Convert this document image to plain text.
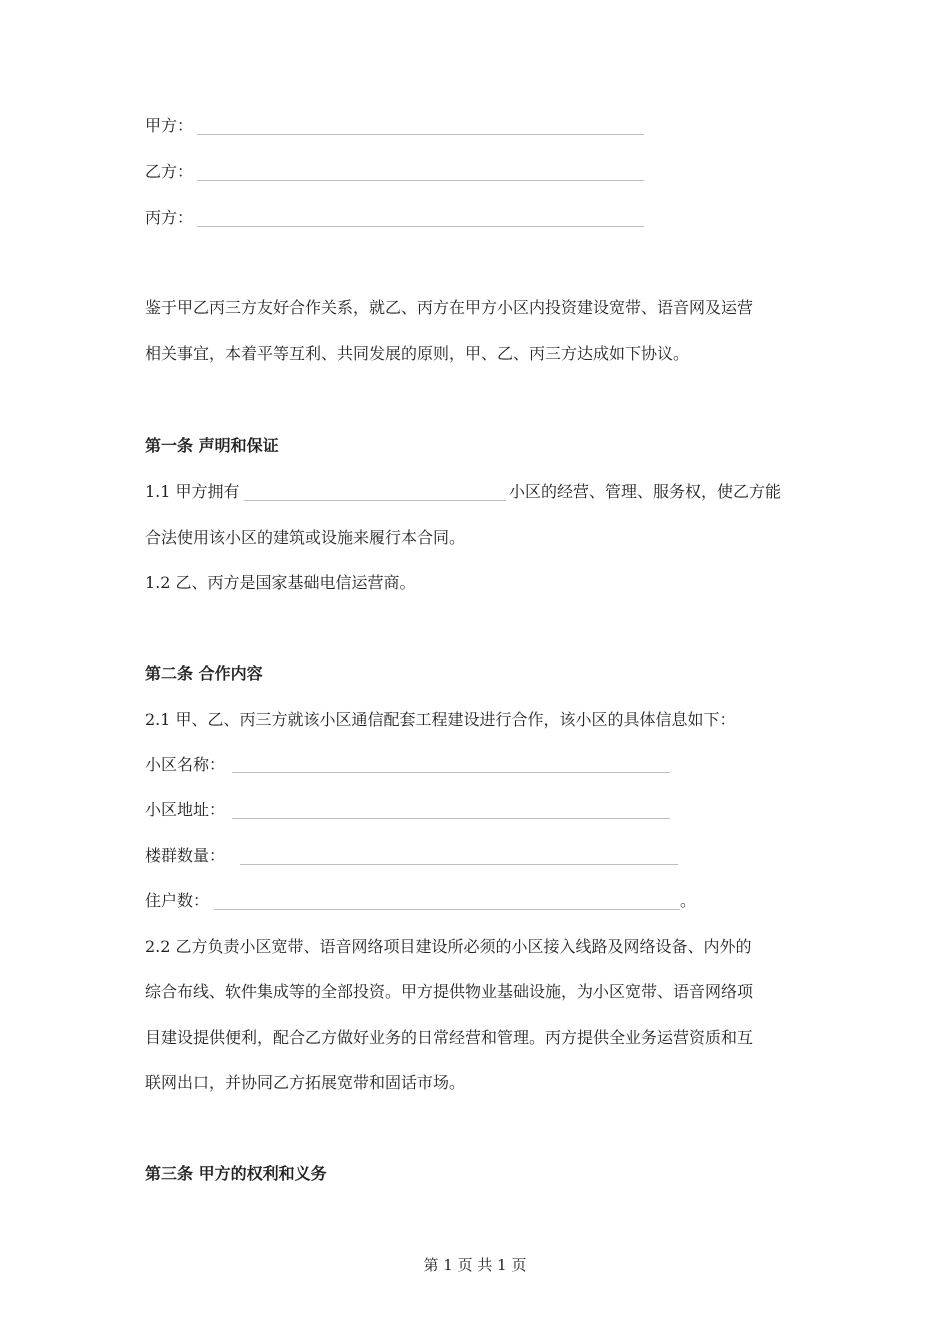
甲方：
乙方：
丙方：
鉴于甲乙丙三方友好合作关系，就乙、丙方在甲方小区内投资建设宽带、语音网及运营
相关事宜，本着平等互利、共同发展的原则，甲、乙、丙三方达成如下协议。
第一条 声明和保证
1.1 甲方拥有	小区的经营、管理、服务权，使乙方能
合法使用该小区的建筑或设施来履行本合同。
1.2 乙、丙方是国家基础电信运营商。
第二条 合作内容
2.1 甲、乙、丙三方就该小区通信配套工程建设进行合作，该小区的具体信息如下：
小区名称：
小区地址：
楼群数量：
住户数：	。
2.2 乙方负责小区宽带、语音网络项目建设所必须的小区接入线路及网络设备、内外的
综合布线、软件集成等的全部投资。甲方提供物业基础设施，为小区宽带、语音网络项
目建设提供便利，配合乙方做好业务的日常经营和管理。丙方提供全业务运营资质和互
联网出口，并协同乙方拓展宽带和固话市场。
第三条 甲方的权利和义务
第 1 页 共 1 页
